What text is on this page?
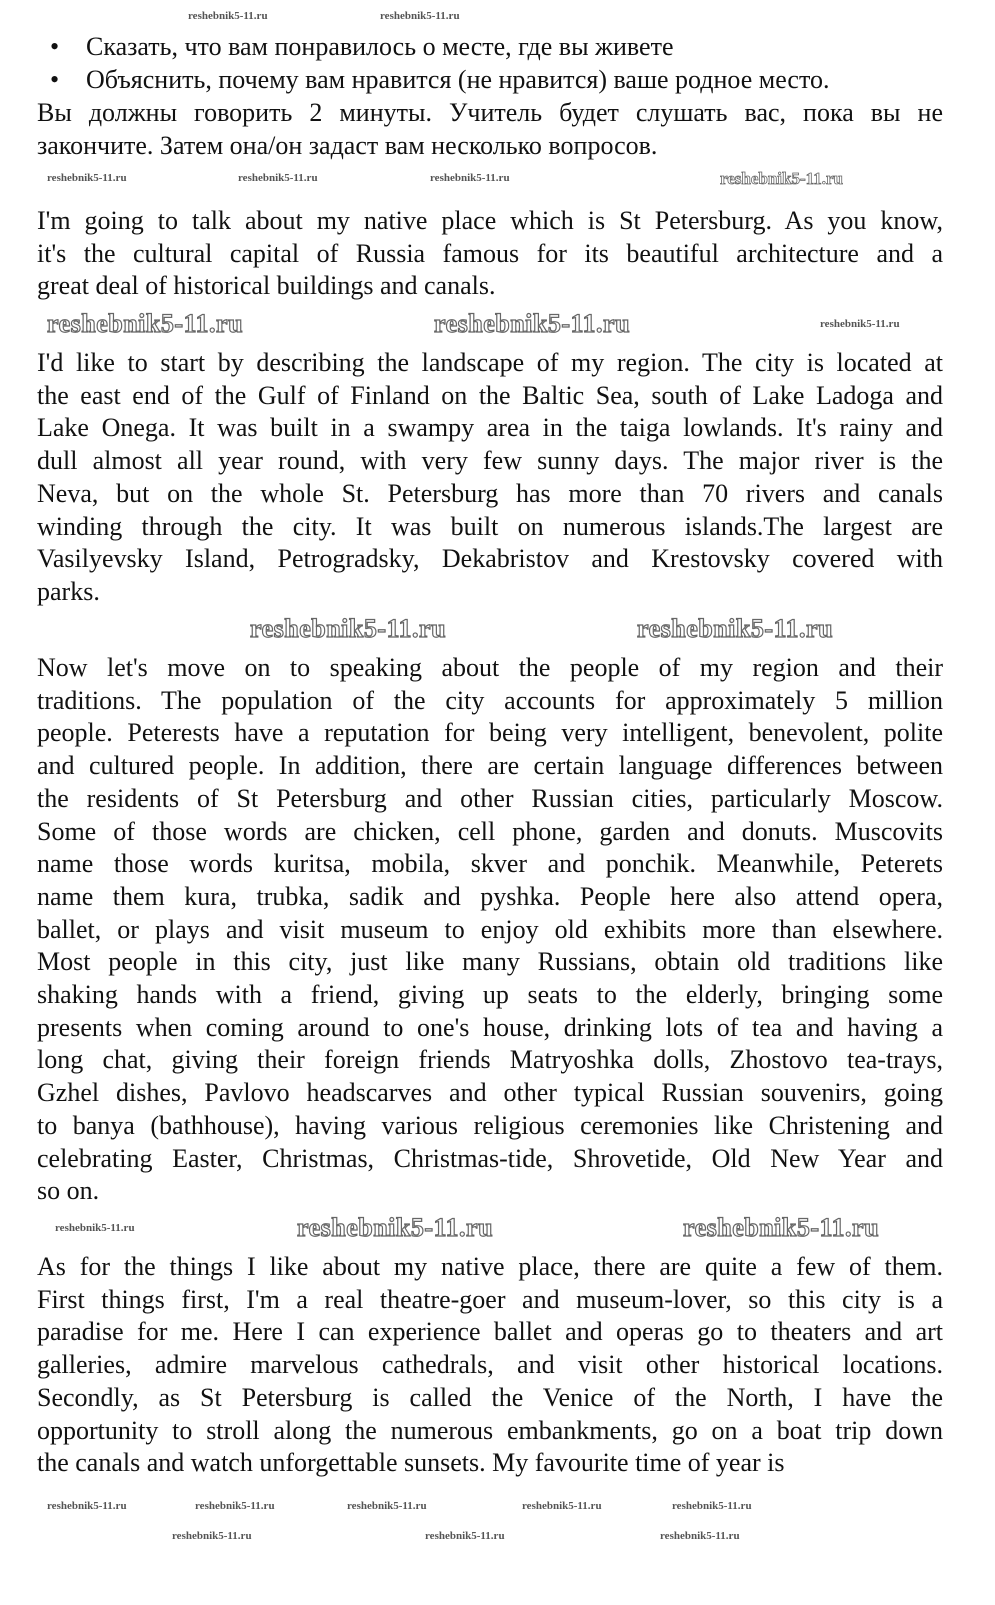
• Сказать, что вам понравилось о месте, где вы живете
• Объяснить, почему вам нравится (не нравится) ваше родное место.
Вы должны говорить 2 минуты. Учитель будет слушать вас, пока вы не
закончите. Затем она/он задаст вам несколько вопросов.
I'm going to talk about my native place which is St Petersburg. As you know,
it's the cultural capital of Russia famous for its beautiful architecture and a
great deal of historical buildings and canals.
I'd like to start by describing the landscape of my region. The city is located at
the east end of the Gulf of Finland on the Baltic Sea, south of Lake Ladoga and
Lake Onega. It was built in a swampy area in the taiga lowlands. It's rainy and
dull almost all year round, with very few sunny days. The major river is the
Neva, but on the whole St. Petersburg has more than 70 rivers and canals
winding through the city. It was built on numerous islands.The largest are
Vasilyevsky Island, Petrogradsky, Dekabristov and Krestovsky covered with
parks.
Now let's move on to speaking about the people of my region and their
traditions. The population of the city accounts for approximately 5 million
people. Peterests have a reputation for being very intelligent, benevolent, polite
and cultured people. In addition, there are certain language differences between
the residents of St Petersburg and other Russian cities, particularly Moscow.
Some of those words are chicken, cell phone, garden and donuts. Muscovits
name those words kuritsa, mobila, skver and ponchik. Meanwhile, Peterets
name them kura, trubka, sadik and pyshka. People here also attend opera,
ballet, or plays and visit museum to enjoy old exhibits more than elsewhere.
Most people in this city, just like many Russians, obtain old traditions like
shaking hands with a friend, giving up seats to the elderly, bringing some
presents when coming around to one's house, drinking lots of tea and having a
long chat, giving their foreign friends Matryoshka dolls, Zhostovo tea-trays,
Gzhel dishes, Pavlovo headscarves and other typical Russian souvenirs, going
to banya (bathhouse), having various religious ceremonies like Christening and
celebrating Easter, Christmas, Christmas-tide, Shrovetide, Old New Year and
so on.
As for the things I like about my native place, there are quite a few of them.
First things first, I'm a real theatre-goer and museum-lover, so this city is a
paradise for me. Here I can experience ballet and operas go to theaters and art
galleries, admire marvelous cathedrals, and visit other historical locations.
Secondly, as St Petersburg is called the Venice of the North, I have the
opportunity to stroll along the numerous embankments, go on a boat trip down
the canals and watch unforgettable sunsets. My favourite time of year is
reshebnik5-11.ru	reshebnik5-11.ru
reshebnik5-11.ru
reshebnik5-11.ru
reshebnik5-11.ru	reshebnik5-11.ru
reshebnik5-11.ru
reshebnik5-11.ru	reshebnik5-11.ru
reshebnik5-11.ru	reshebnik5-11.ru	reshebnik5-11.ru
reshebnik5-11.ru
reshebnik5-11.ru
reshebnik5-11.ru	reshebnik5-11.ru	reshebnik5-11.ru	reshebnik5-11.ru	reshebnik5-11.ru
reshebnik5-11.ru	reshebnik5-11.ru	reshebnik5-11.ru
